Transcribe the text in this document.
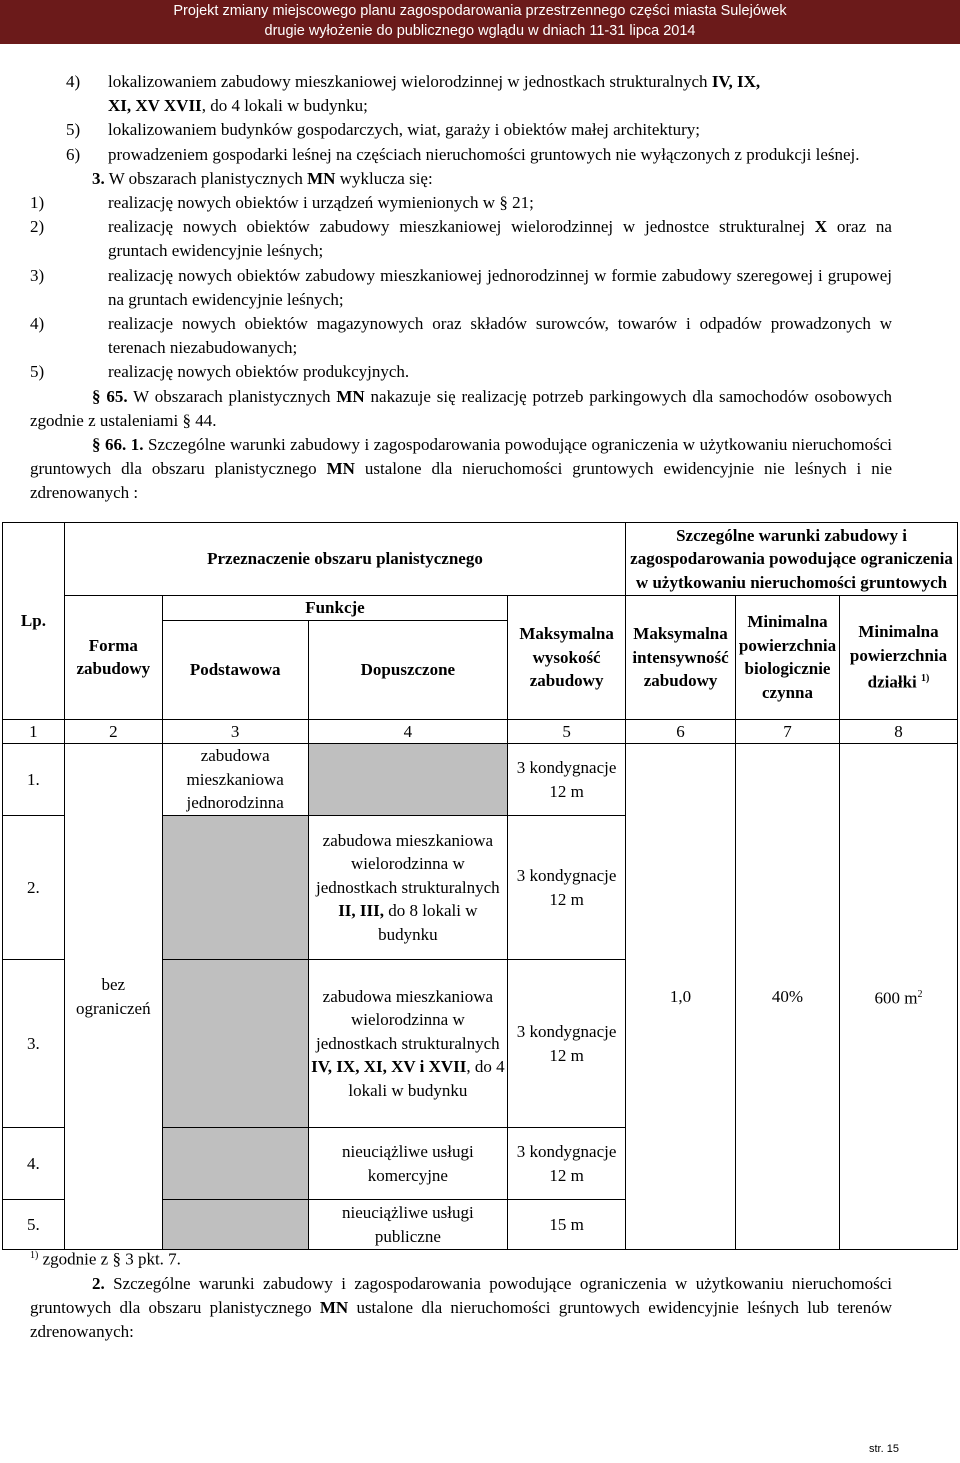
Projekt zmiany miejscowego planu zagospodarowania przestrzennego części miasta Sulejówek
drugie wyłożenie do publicznego wglądu w dniach 11-31 lipca 2014
4) lokalizowaniem zabudowy mieszkaniowej wielorodzinnej w jednostkach strukturalnych IV, IX,
XI, XV XVII, do 4 lokali w budynku;
5) lokalizowaniem budynków gospodarczych, wiat, garaży i obiektów małej architektury;
6) prowadzeniem gospodarki leśnej na częściach nieruchomości gruntowych nie wyłączonych z produkcji leśnej.
3. W obszarach planistycznych MN wyklucza się:
1)	realizację nowych obiektów i urządzeń wymienionych w § 21;
2)	realizację nowych obiektów zabudowy mieszkaniowej wielorodzinnej w jednostce strukturalnej X oraz na gruntach ewidencyjnie leśnych;
3)	realizację nowych obiektów zabudowy mieszkaniowej jednorodzinnej w formie zabudowy szeregowej i grupowej na gruntach ewidencyjnie leśnych;
4)	realizacje nowych obiektów magazynowych oraz składów surowców, towarów i odpadów prowadzonych w terenach niezabudowanych;
5)	realizację nowych obiektów produkcyjnych.
§ 65. W obszarach planistycznych MN nakazuje się realizację potrzeb parkingowych dla samochodów osobowych zgodnie z ustaleniami § 44.
§ 66. 1. Szczególne warunki zabudowy i zagospodarowania powodujące ograniczenia w użytkowaniu nieruchomości gruntowych dla obszaru planistycznego MN ustalone dla nieruchomości gruntowych ewidencyjnie nie leśnych i nie zdrenowanych :
Lp.	Przeznaczenie obszaru planistycznego				Szczególne warunki zabudowy i zagospodarowania powodujące ograniczenia w użytkowaniu nieruchomości gruntowych		
	Forma zabudowy	Funkcje		Maksymalna wysokość zabudowy	Maksymalna intensywność zabudowy	Minimalna powierzchnia biologicznie czynna	Minimalna powierzchnia działki $^{1)}$
		Podstawowa	Dopuszczone				
1	2	3	4	5	6	7	8
1.	bez ograniczeń	zabudowa mieszkaniowa jednorodzinna		3 kondygnacje 12 m	1,0	40%	600 $m^2$
2.			zabudowa mieszkaniowa wielorodzinna w jednostkach strukturalnych II, III, do 8 lokali w budynku	3 kondygnacje 12 m			
3.			zabudowa mieszkaniowa wielorodzinna w jednostkach strukturalnych IV, IX, XI, XV i XVII, do 4 lokali w budynku	3 kondygnacje 12 m			
4.			nieuciążliwe usługi komercyjne	3 kondygnacje 12 m			
5.			nieuciążliwe usługi publiczne	15 m			
$^{1)}$ zgodnie z § 3 pkt. 7.
2. Szczególne warunki zabudowy i zagospodarowania powodujące ograniczenia w użytkowaniu nieruchomości gruntowych dla obszaru planistycznego MN ustalone dla nieruchomości gruntowych ewidencyjnie leśnych lub terenów zdrenowanych:
str. 15
